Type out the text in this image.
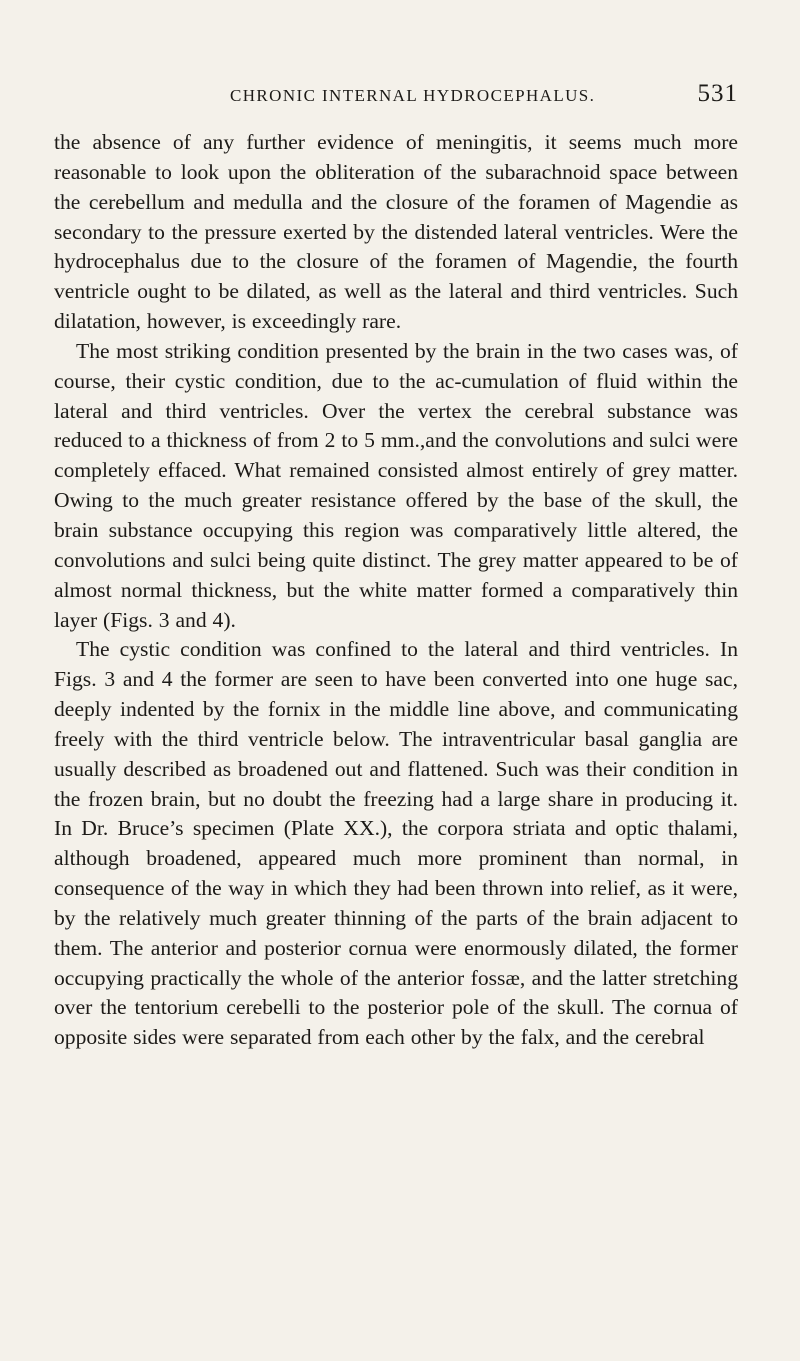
CHRONIC INTERNAL HYDROCEPHALUS.	531

the absence of any further evidence of meningitis, it seems much more reasonable to look upon the obliteration of the subarachnoid space between the cerebellum and medulla and the closure of the foramen of Magendie as secondary to the pressure exerted by the distended lateral ventricles. Were the hydrocephalus due to the closure of the foramen of Magendie, the fourth ventricle ought to be dilated, as well as the lateral and third ventricles. Such dilatation, however, is exceedingly rare.

The most striking condition presented by the brain in the two cases was, of course, their cystic condition, due to the ac-cumulation of fluid within the lateral and third ventricles. Over the vertex the cerebral substance was reduced to a thickness of from 2 to 5 mm.,and the convolutions and sulci were completely effaced. What remained consisted almost entirely of grey matter. Owing to the much greater resistance offered by the base of the skull, the brain substance occupying this region was comparatively little altered, the convolutions and sulci being quite distinct. The grey matter appeared to be of almost normal thickness, but the white matter formed a comparatively thin layer (Figs. 3 and 4).

The cystic condition was confined to the lateral and third ventricles. In Figs. 3 and 4 the former are seen to have been converted into one huge sac, deeply indented by the fornix in the middle line above, and communicating freely with the third ventricle below. The intraventricular basal ganglia are usually described as broadened out and flattened. Such was their condition in the frozen brain, but no doubt the freezing had a large share in producing it. In Dr. Bruce’s specimen (Plate XX.), the corpora striata and optic thalami, although broadened, appeared much more prominent than normal, in consequence of the way in which they had been thrown into relief, as it were, by the relatively much greater thinning of the parts of the brain adjacent to them. The anterior and posterior cornua were enormously dilated, the former occupying practically the whole of the anterior fossæ, and the latter stretching over the tentorium cerebelli to the posterior pole of the skull. The cornua of opposite sides were separated from each other by the falx, and the cerebral
